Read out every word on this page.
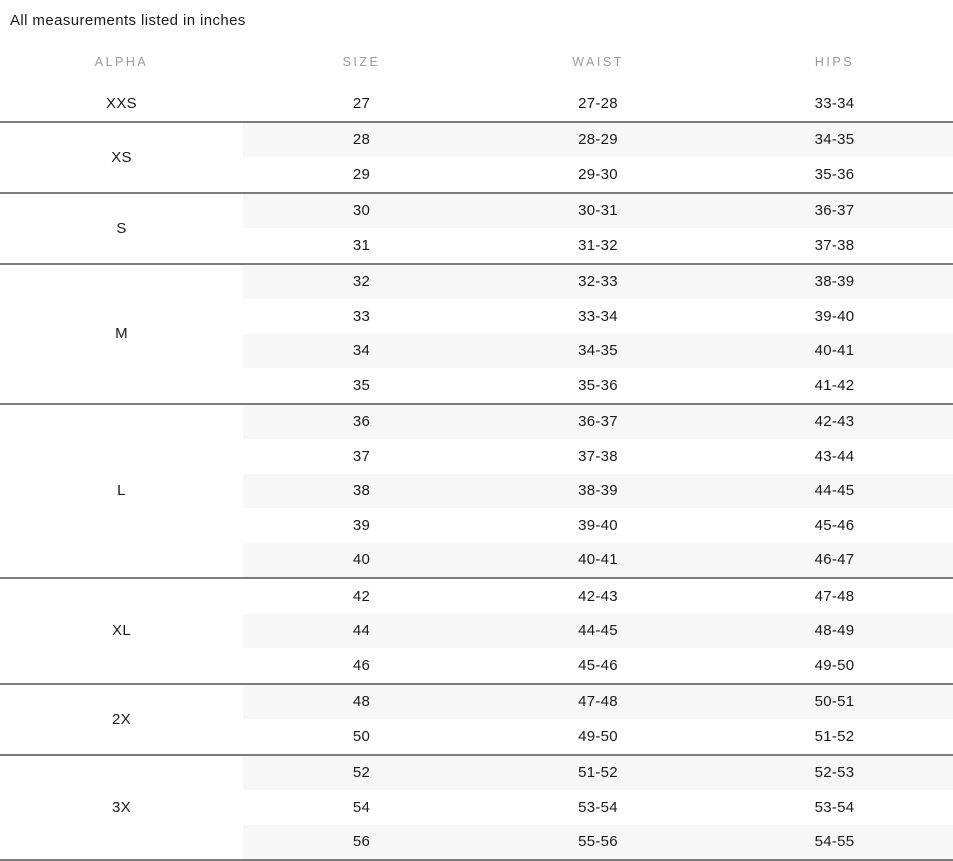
All measurements listed in inches
ALPHA	SIZE	WAIST	HIPS
XXS	27	27-28	33-34
XS	28	28-29	34-35
	29	29-30	35-36
S	30	30-31	36-37
	31	31-32	37-38
M	32	32-33	38-39
	33	33-34	39-40
	34	34-35	40-41
	35	35-36	41-42
L	36	36-37	42-43
	37	37-38	43-44
	38	38-39	44-45
	39	39-40	45-46
	40	40-41	46-47
XL	42	42-43	47-48
	44	44-45	48-49
	46	45-46	49-50
2X	48	47-48	50-51
	50	49-50	51-52
3X	52	51-52	52-53
	54	53-54	53-54
	56	55-56	54-55
